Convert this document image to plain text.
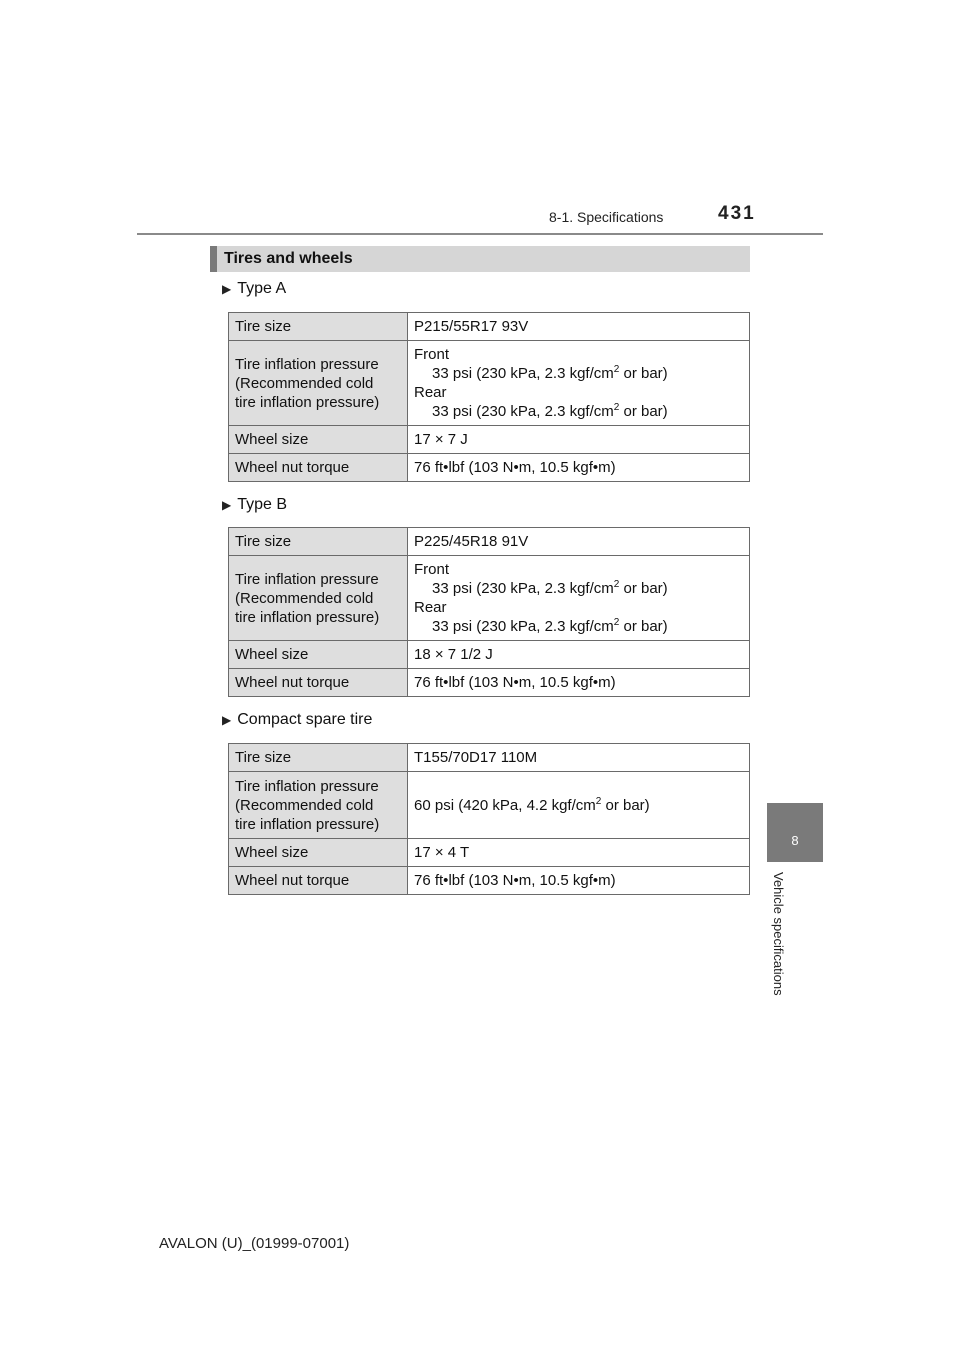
8-1. Specifications	431
8
Vehicle specifications
Tires and wheels
▶ Type A
Tire size	P215/55R17 93V

Tire inflation pressure
(Recommended cold
tire inflation pressure)	Front
33 psi (230 kPa, 2.3 kgf/$cm^2$ or bar)
Rear
33 psi (230 kPa, 2.3 kgf/$cm^2$ or bar)

Wheel size	17 × 7 J
Wheel nut torque	76 ft•lbf (103 N•m, 10.5 kgf•m)
▶ Type B
Tire size	P225/45R18 91V

Tire inflation pressure
(Recommended cold
tire inflation pressure)	Front
33 psi (230 kPa, 2.3 kgf/$cm^2$ or bar)
Rear
33 psi (230 kPa, 2.3 kgf/$cm^2$ or bar)

Wheel size	18 × 7 1/2 J
Wheel nut torque	76 ft•lbf (103 N•m, 10.5 kgf•m)
▶ Compact spare tire
Tire size	T155/70D17 110M

Tire inflation pressure
(Recommended cold
tire inflation pressure)	60 psi (420 kPa, 4.2 kgf/$cm^2$ or bar)
Wheel size	17 × 4 T
Wheel nut torque	76 ft•lbf (103 N•m, 10.5 kgf•m)
AVALON (U)_(01999-07001)
